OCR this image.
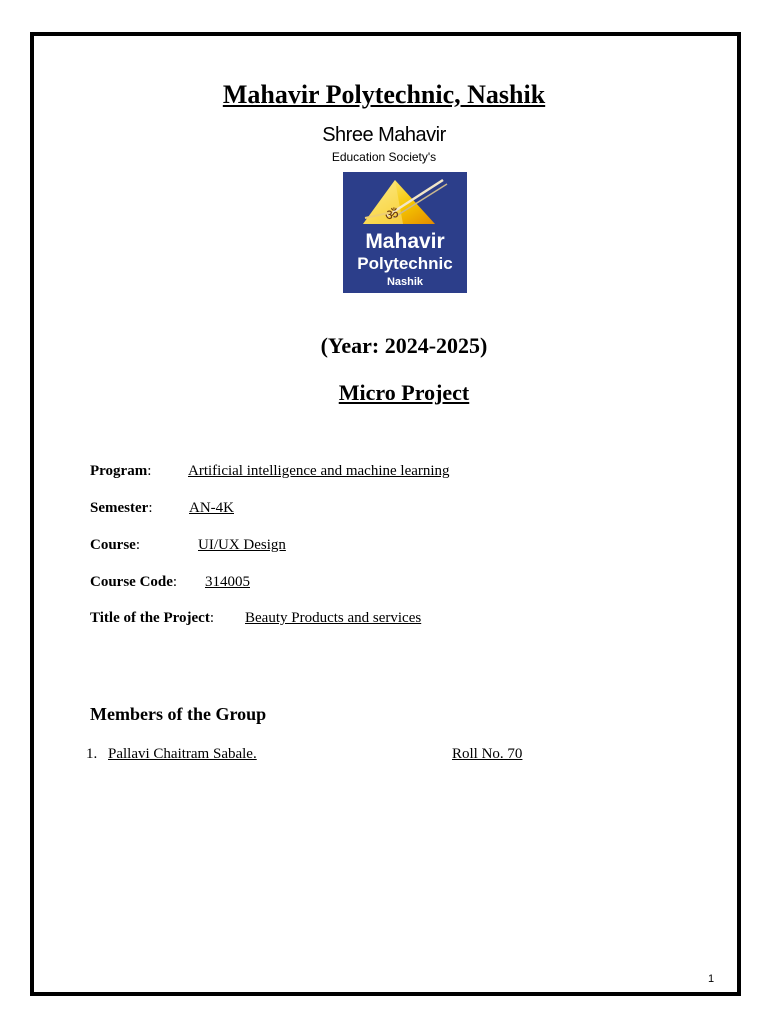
Mahavir Polytechnic, Nashik
Shree Mahavir
Education Society's
ॐ
Mahavir
Polytechnic
Nashik
(Year: 2024-2025)
Micro Project
Program: Artificial intelligence and machine learning
Semester: AN-4K
Course:	UI/UX Design
Course Code: 314005
Title of the Project: Beauty Products and services
Members of the Group
1. Pallavi Chaitram Sabale.	Roll No. 70
1
